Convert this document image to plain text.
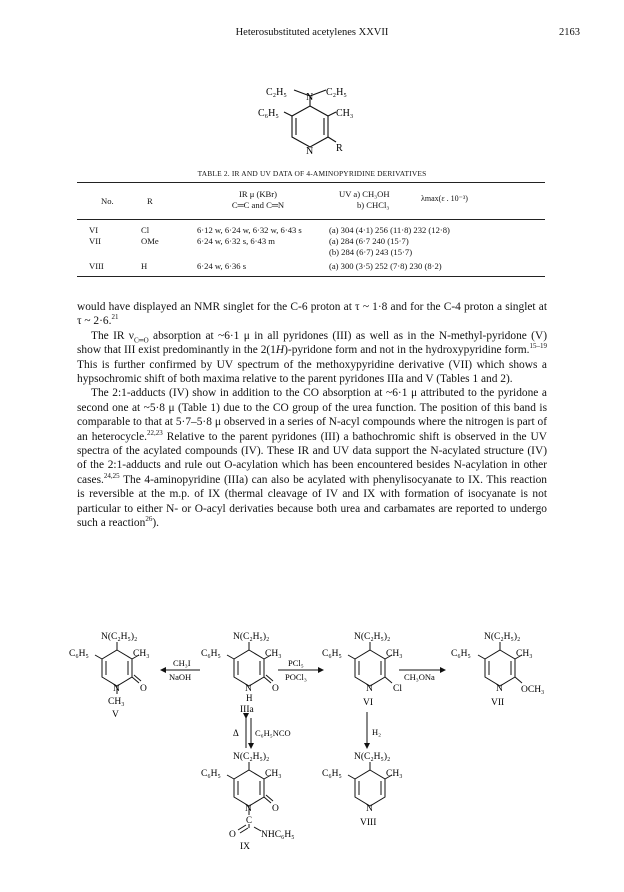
Heterosubstituted acetylenes XXVII	2163
C₂H₅ N C₂H₅
C₆H₅	CH₃
N R
TABLE 2. IR AND UV DATA OF 4-AMINOPYRIDINE DERIVATIVES
No.	R
IR μ (KBr)
C═C and C═N
UV a) CH₃OH
b) CHCl₃
λmax(ε . 10⁻³)
VI	Cl	6·12 w, 6·24 w, 6·32 w, 6·43 s	(a) 304 (4·1) 256 (11·8) 232 (12·8)
VII	OMe	6·24 w, 6·32 s, 6·43 m	(a) 284 (6·7 240 (15·7)
(b) 284 (6·7) 243 (15·7)
VIII	H	6·24 w, 6·36 s	(a) 300 (3·5) 252 (7·8) 230 (8·2)

would have displayed an NMR singlet for the C-6 proton at τ ~ 1·8 and for the C-4 proton a singlet at τ ~ 2·6.21

The IR $\nu_{C═O}$ absorption at ~6·1 μ in all pyridones (III) as well as in the N-methyl-pyridone (V) show that III exist predominantly in the 2(1H)-pyridone form and not in the hydroxypyridine form.$^{15-19}$ This is further confirmed by UV spectrum of the methoxypyridine derivative (VII) which shows a hypsochromic shift of both maxima relative to the parent pyridones IIIa and V (Tables 1 and 2).

The 2:1-adducts (IV) show in addition to the CO absorption at ~6·1 μ attributed to the pyridone a second one at ~5·8 μ (Table 1) due to the CO group of the urea function. The position of this band is comparable to that at 5·7–5·8 μ observed in a series of N-acyl compounds where the nitrogen is part of an heterocycle.$^{22,23}$ Relative to the parent pyridones (III) a bathochromic shift is observed in the UV spectra of the acylated compounds (IV). These IR and UV data support the N-acylated structure (IV) of the 2:1-adducts and rule out O-acylation which has been encountered besides N-acylation in other cases.$^{24,25}$ The 4-aminopyridine (IIIa) can also be acylated with phenylisocyanate to IX. This reaction is reversible at the m.p. of IX (thermal cleavage of IV and IX with formation of isocyanate is not particular to either N- or O-acyl derivaties because both urea and carbamates are reported to undergo such a reaction$^{26}$).

N(C₂H₅)₂
C₆H₅	CH₃
N O
CH₃
V
CH₃I
NaOH
N(C₂H₅)₂
C₆H₅	CH₃
N O
H
IIIa
PCl₅
POCl₃
N(C₂H₅)₂
C₆H₅	CH₃
N Cl
VI
CH₃ONa
N(C₂H₅)₂
C₆H₅	CH₃
N OCH₃
VII
Δ C₆H₅NCO
N(C₂H₅)₂
C₆H₅	CH₃
N O
C
O	NHC₆H₅
IX
H₂
N(C₂H₅)₂
C₆H₅	CH₃
N
VIII
